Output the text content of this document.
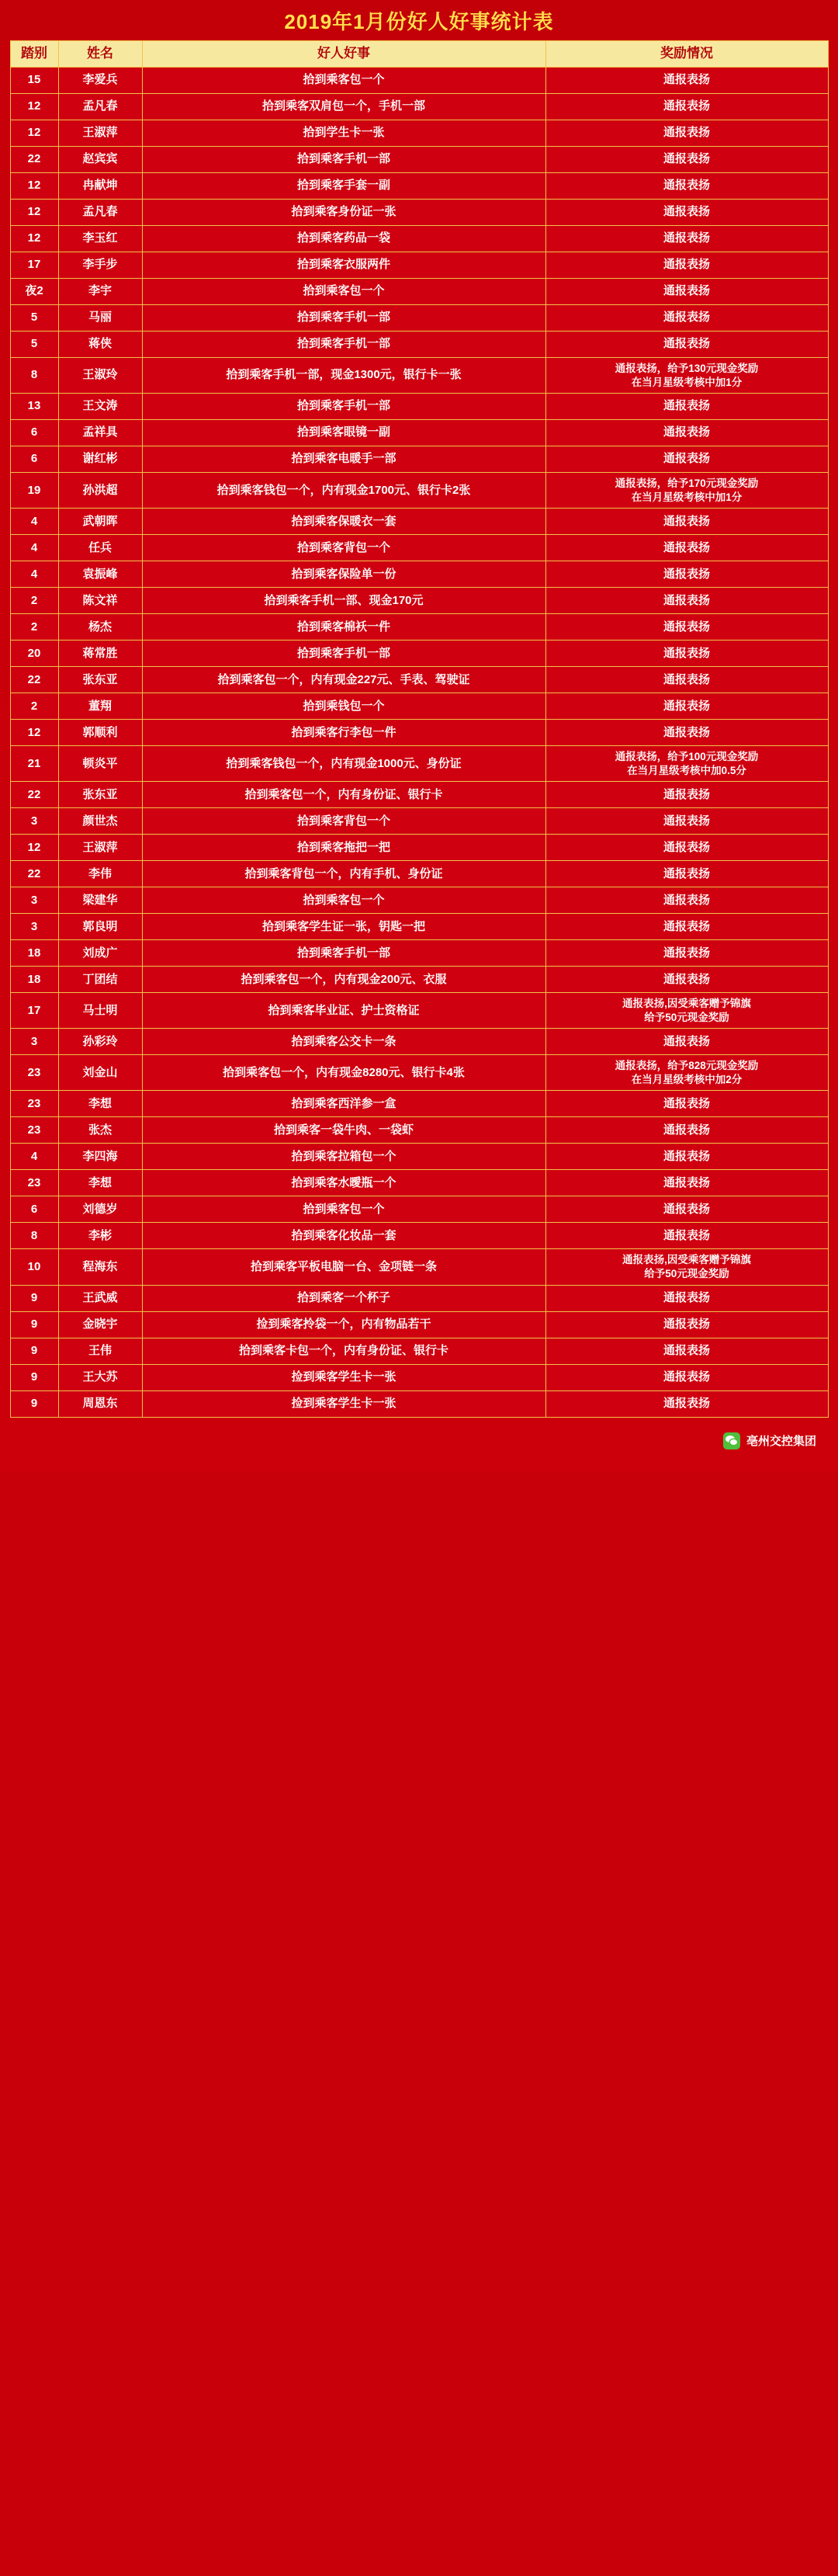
2019年1月份好人好事统计表
踏别	姓名	好人好事	奖励情况
15	李爱兵	拾到乘客包一个	通报表扬
12	孟凡春	拾到乘客双肩包一个，手机一部	通报表扬
12	王淑萍	拾到学生卡一张	通报表扬
22	赵宾宾	拾到乘客手机一部	通报表扬
12	冉献坤	拾到乘客手套一副	通报表扬
12	孟凡春	拾到乘客身份证一张	通报表扬
12	李玉红	拾到乘客药品一袋	通报表扬
17	李手步	拾到乘客衣服两件	通报表扬
夜2	李宇	拾到乘客包一个	通报表扬
5	马丽	拾到乘客手机一部	通报表扬
5	蒋侠	拾到乘客手机一部	通报表扬
8	王淑玲	拾到乘客手机一部，现金1300元，银行卡一张	通报表扬，给予130元现金奖励
在当月星级考核中加1分

13	王文涛	拾到乘客手机一部	通报表扬
6	孟祥具	拾到乘客眼镜一副	通报表扬
6	谢红彬	拾到乘客电暖手一部	通报表扬
19	孙洪超	拾到乘客钱包一个，内有现金1700元、银行卡2张	通报表扬，给予170元现金奖励
在当月星级考核中加1分

4	武朝晖	拾到乘客保暖衣一套	通报表扬
4	任兵	拾到乘客背包一个	通报表扬
4	袁振峰	拾到乘客保险单一份	通报表扬
2	陈文祥	拾到乘客手机一部、现金170元	通报表扬
2	杨杰	拾到乘客棉袄一件	通报表扬
20	蒋常胜	拾到乘客手机一部	通报表扬
22	张东亚	拾到乘客包一个，内有现金227元、手表、驾驶证	通报表扬
2	董翔	拾到乘钱包一个	通报表扬
12	郭顺利	拾到乘客行李包一件	通报表扬
21	顿炎平	拾到乘客钱包一个，内有现金1000元、身份证	通报表扬，给予100元现金奖励
在当月星级考核中加0.5分

22	张东亚	拾到乘客包一个，内有身份证、银行卡	通报表扬
3	颜世杰	拾到乘客背包一个	通报表扬
12	王淑萍	拾到乘客拖把一把	通报表扬
22	李伟	拾到乘客背包一个，内有手机、身份证	通报表扬
3	梁建华	拾到乘客包一个	通报表扬
3	郭良明	拾到乘客学生证一张，钥匙一把	通报表扬
18	刘成广	拾到乘客手机一部	通报表扬
18	丁团结	拾到乘客包一个，内有现金200元、衣服	通报表扬
17	马士明	拾到乘客毕业证、护士资格证	通报表扬,因受乘客赠予锦旗
给予50元现金奖励

3	孙彩玲	拾到乘客公交卡一条	通报表扬
23	刘金山	拾到乘客包一个，内有现金8280元、银行卡4张	通报表扬，给予828元现金奖励
在当月星级考核中加2分

23	李想	拾到乘客西洋参一盒	通报表扬
23	张杰	拾到乘客一袋牛肉、一袋虾	通报表扬
4	李四海	拾到乘客拉箱包一个	通报表扬
23	李想	拾到乘客水曖瓶一个	通报表扬
6	刘德岁	拾到乘客包一个	通报表扬
8	李彬	拾到乘客化妆品一套	通报表扬
10	程海东	拾到乘客平板电脑一台、金项链一条	通报表扬,因受乘客赠予锦旗
给予50元现金奖励

9	王武威	拾到乘客一个杯子	通报表扬
9	金晓宇	捡到乘客拎袋一个，内有物品若干	通报表扬
9	王伟	拾到乘客卡包一个，内有身份证、银行卡	通报表扬
9	王大苏	捡到乘客学生卡一张	通报表扬
9	周恩东	捡到乘客学生卡一张	通报表扬
亳州交控集团
